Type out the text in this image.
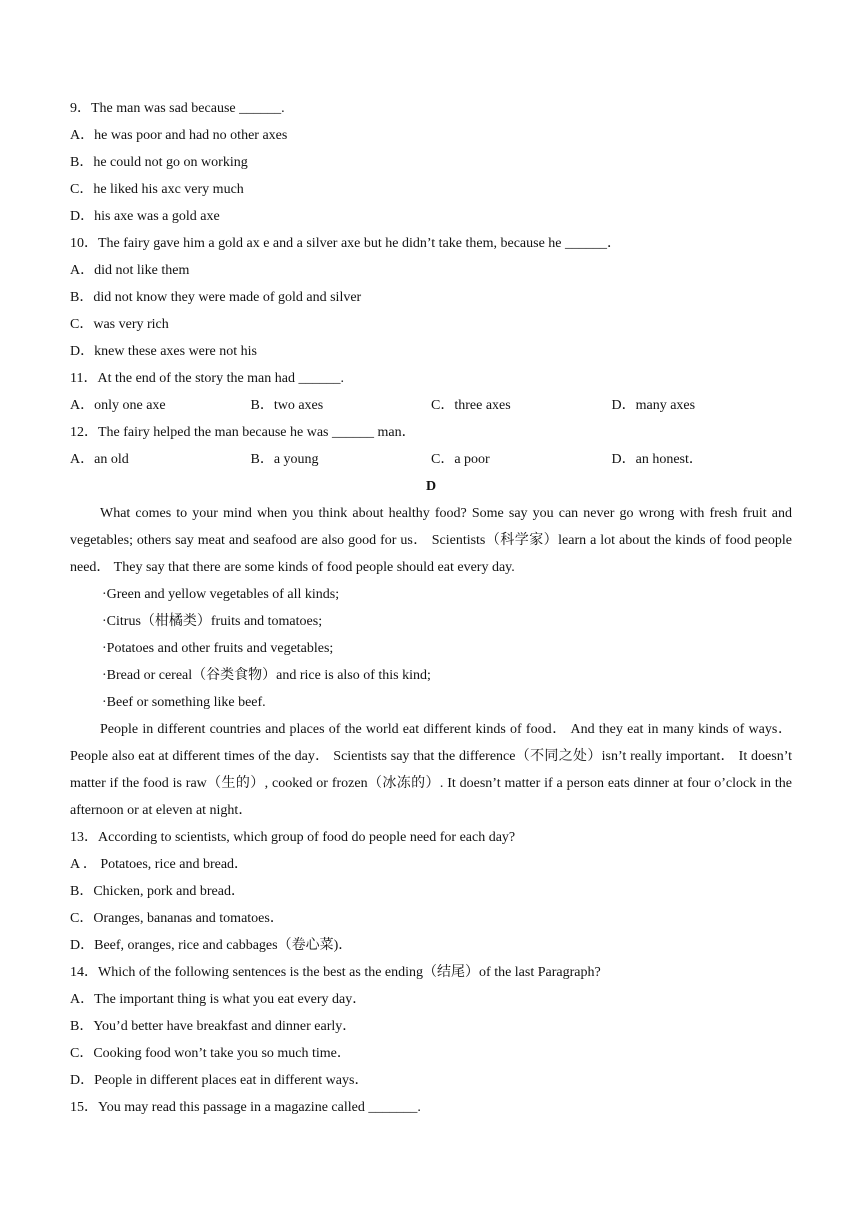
9．The man was sad because ______.
A．he was poor and had no other axes
B．he could not go on working
C．he liked his axc very much
D．his axe was a gold axe
10．The fairy gave him a gold ax e and a silver axe but he didn’t take them, because he ______．
A．did not like them
B．did not know they were made of gold and silver
C．was very rich
D．knew these axes were not his
11．At the end of the story the man had ______.
A．only one axe	B．two axes	C．three axes	D．many axes
12．The fairy helped the man because he was ______ man．
A．an old	B．a young	C．a poor	D．an honest．
D
What comes to your mind when you think about healthy food? Some say you can never go wrong with fresh fruit and vegetables; others say meat and seafood are also good for us． Scientists（科学家）learn a lot about the kinds of food people need． They say that there are some kinds of food people should eat every day.
·Green and yellow vegetables of all kinds;
·Citrus（柑橘类）fruits and tomatoes;
·Potatoes and other fruits and vegetables;
·Bread or cereal（谷类食物）and rice is also of this kind;
·Beef or something like beef.
People in different countries and places of the world eat different kinds of food． And they eat in many kinds of ways． People also eat at different times of the day． Scientists say that the difference（不同之处）isn’t really important． It doesn’t matter if the food is raw（生的）, cooked or frozen（冰冻的）. It doesn’t matter if a person eats dinner at four o’clock in the afternoon or at eleven at night．
13．According to scientists, which group of food do people need for each day?
A ． Potatoes, rice and bread．
B．Chicken, pork and bread．
C．Oranges, bananas and tomatoes．
D．Beef, oranges, rice and cabbages（卷心菜)．
14．Which of the following sentences is the best as the ending（结尾）of the last Paragraph?
A．The important thing is what you eat every day．
B．You’d better have breakfast and dinner early．
C．Cooking food won’t take you so much time．
D．People in different places eat in different ways．
15．You may read this passage in a magazine called _______.
